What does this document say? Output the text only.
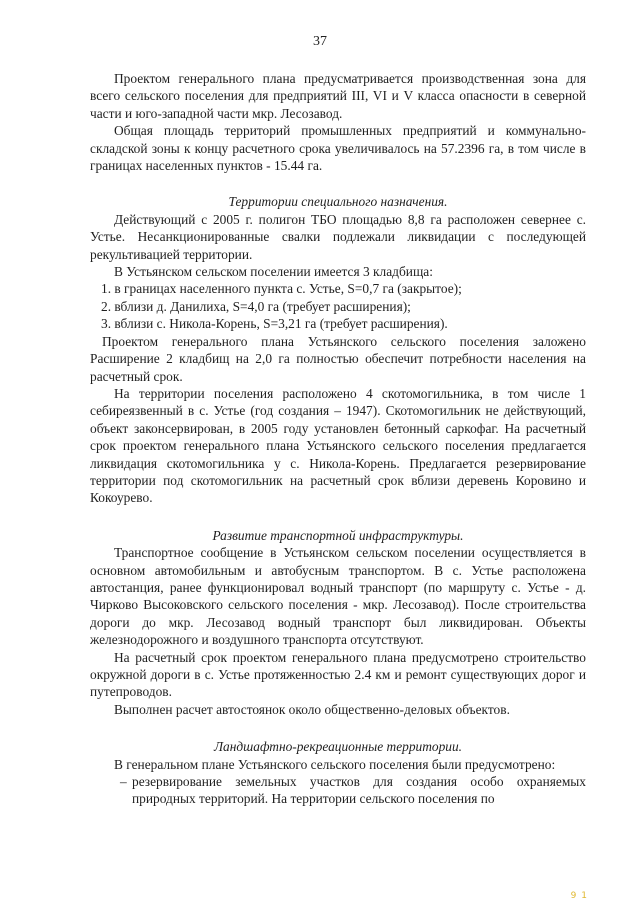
37

Проектом генерального плана предусматривается производственная зона для всего сельского поселения для предприятий III, VI и V класса опасности в северной части и юго-западной части мкр. Лесозавод.

Общая площадь территорий промышленных предприятий и коммунально-складской зоны к концу расчетного срока увеличивалось на 57.2396 га, в том числе в границах населенных пунктов - 15.44 га.

Территории специального назначения.

Действующий с 2005 г. полигон ТБО площадью 8,8 га расположен севернее с. Устье. Несанкционированные свалки подлежали ликвидации с последующей рекультивацией территории.

В Устьянском сельском поселении имеется 3 кладбища:

1. в границах населенного пункта с. Устье, S=0,7 га (закрытое);

2. вблизи д. Данилиха, S=4,0 га (требует расширения);

3. вблизи с. Никола-Корень, S=3,21 га (требует расширения).

Проектом генерального плана Устьянского сельского поселения заложено Расширение 2 кладбищ на 2,0 га полностью обеспечит потребности населения на расчетный срок.

На территории поселения расположено 4 скотомогильника, в том числе 1 себиреязвенный в с. Устье (год создания – 1947). Скотомогильник не действующий, объект законсервирован, в 2005 году установлен бетонный саркофаг. На расчетный срок проектом генерального плана Устьянского сельского поселения предлагается ликвидация скотомогильника у с. Никола-Корень. Предлагается резервирование территории под скотомогильник на расчетный срок вблизи деревень Коровино и Кокоурево.

Развитие транспортной инфраструктуры.

Транспортное сообщение в Устьянском сельском поселении осуществляется в основном автомобильным и автобусным транспортом. В с. Устье расположена автостанция, ранее функционировал водный транспорт (по маршруту с. Устье - д. Чирково Высоковского сельского поселения - мкр. Лесозавод). После строительства дороги до мкр. Лесозавод водный транспорт был ликвидирован. Объекты железнодорожного и воздушного транспорта отсутствуют.

На расчетный срок проектом генерального плана предусмотрено строительство окружной дороги в с. Устье протяженностью 2.4 км и ремонт существующих дорог и путепроводов.

Выполнен расчет автостоянок около общественно-деловых объектов.

Ландшафтно-рекреационные территории.

В генеральном плане Устьянского сельского поселения были предусмотрено:

– резервирование земельных участков для создания особо охраняемых природных территорий. На территории сельского поселения по

9 1
